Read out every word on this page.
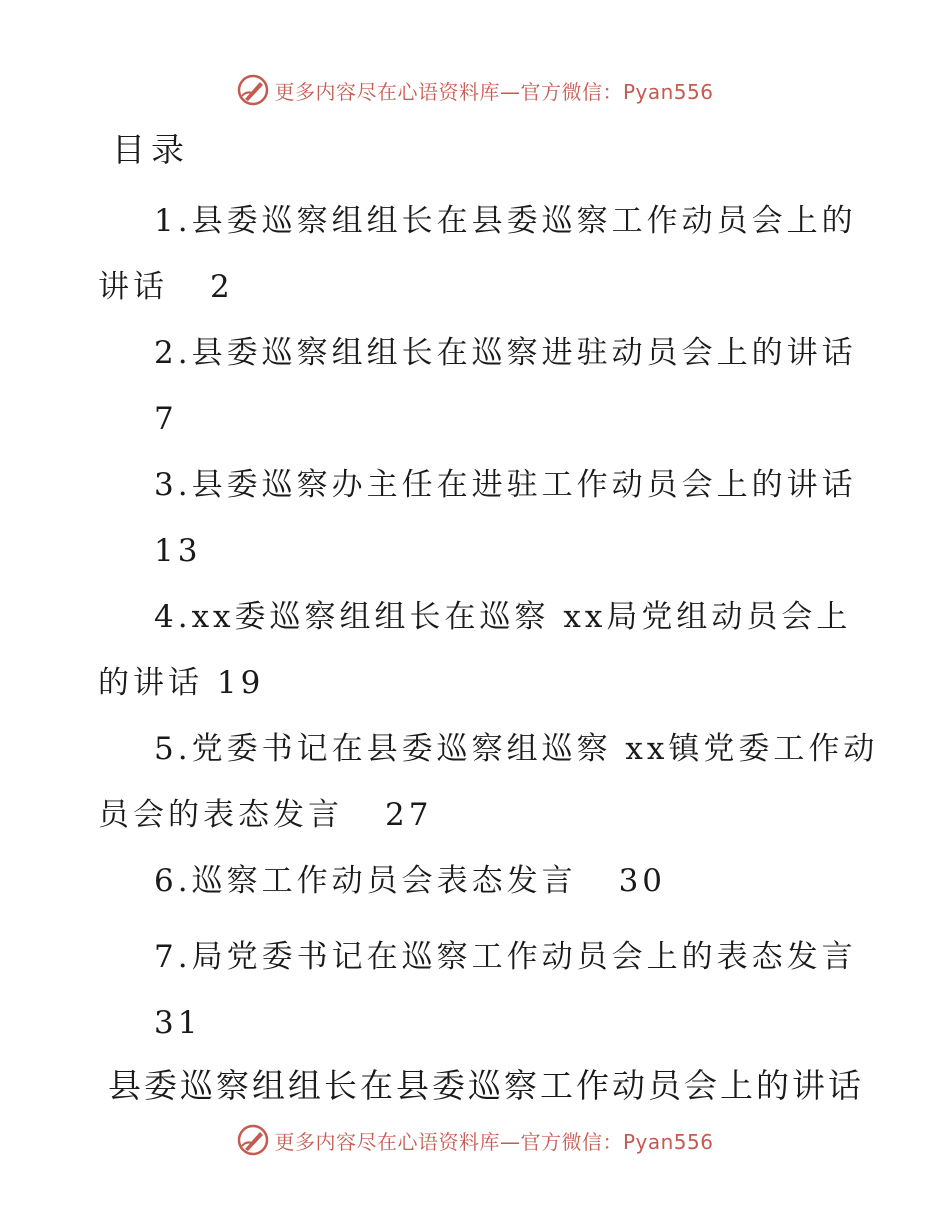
更多内容尽在心语资料库—官方微信：Pyan556
目录
1.县委巡察组组长在县委巡察工作动员会上的
讲话 2
2.县委巡察组组长在巡察进驻动员会上的讲话
7
3.县委巡察办主任在进驻工作动员会上的讲话
13
4.xx委巡察组组长在巡察 xx局党组动员会上
的讲话 19
5.党委书记在县委巡察组巡察 xx镇党委工作动
员会的表态发言 27
6.巡察工作动员会表态发言 30
7.局党委书记在巡察工作动员会上的表态发言
31
县委巡察组组长在县委巡察工作动员会上的讲话
更多内容尽在心语资料库—官方微信：Pyan556
